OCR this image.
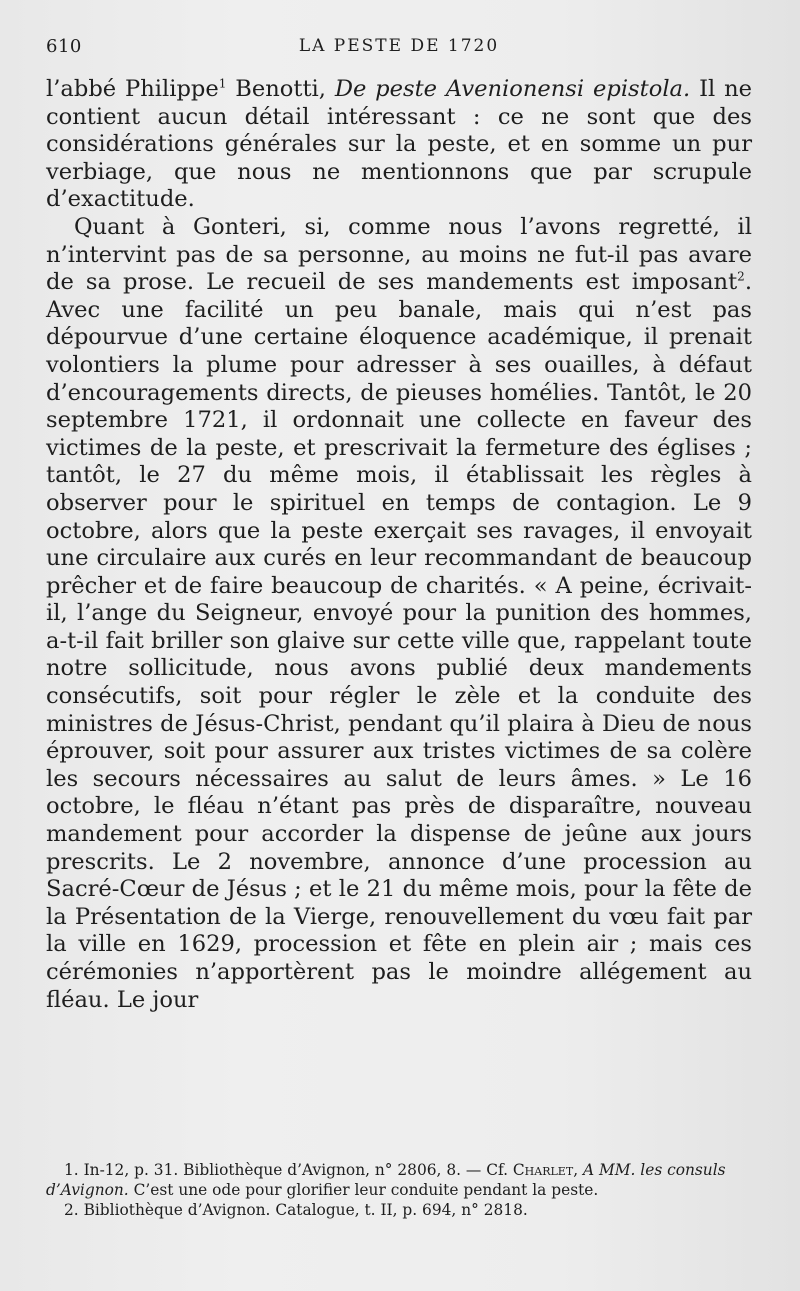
610	LA PESTE DE 1720

l’abbé Philippe$^1$ Benotti, De peste Avenionensi epistola. Il ne contient aucun détail intéressant : ce ne sont que des considérations générales sur la peste, et en somme un pur verbiage, que nous ne mentionnons que par scrupule d’exactitude.

Quant à Gonteri, si, comme nous l’avons regretté, il n’intervint pas de sa personne, au moins ne fut-il pas avare de sa prose. Le recueil de ses mandements est imposant$^2$. Avec une facilité un peu banale, mais qui n’est pas dépourvue d’une certaine éloquence académique, il prenait volontiers la plume pour adresser à ses ouailles, à défaut d’encouragements directs, de pieuses homélies. Tantôt, le 20 septembre 1721, il ordonnait une collecte en faveur des victimes de la peste, et prescrivait la fermeture des églises ; tantôt, le 27 du même mois, il établissait les règles à observer pour le spirituel en temps de contagion. Le 9 octobre, alors que la peste exerçait ses ravages, il envoyait une circulaire aux curés en leur recommandant de beaucoup prêcher et de faire beaucoup de charités. « A peine, écrivait-il, l’ange du Seigneur, envoyé pour la punition des hommes, a-t-il fait briller son glaive sur cette ville que, rappelant toute notre sollicitude, nous avons publié deux mandements consécutifs, soit pour régler le zèle et la conduite des ministres de Jésus-Christ, pendant qu’il plaira à Dieu de nous éprouver, soit pour assurer aux tristes victimes de sa colère les secours nécessaires au salut de leurs âmes. » Le 16 octobre, le fléau n’étant pas près de disparaître, nouveau mandement pour accorder la dispense de jeûne aux jours prescrits. Le 2 novembre, annonce d’une procession au Sacré-Cœur de Jésus ; et le 21 du même mois, pour la fête de la Présentation de la Vierge, renouvellement du vœu fait par la ville en 1629, procession et fête en plein air ; mais ces cérémonies n’apportèrent pas le moindre allégement au fléau. Le jour

1. In-12, p. 31. Bibliothèque d’Avignon, n° 2806, 8. — Cf. Charlet, A MM. les consuls d’Avignon. C’est une ode pour glorifier leur conduite pendant la peste.

2. Bibliothèque d’Avignon. Catalogue, t. II, p. 694, n° 2818.
